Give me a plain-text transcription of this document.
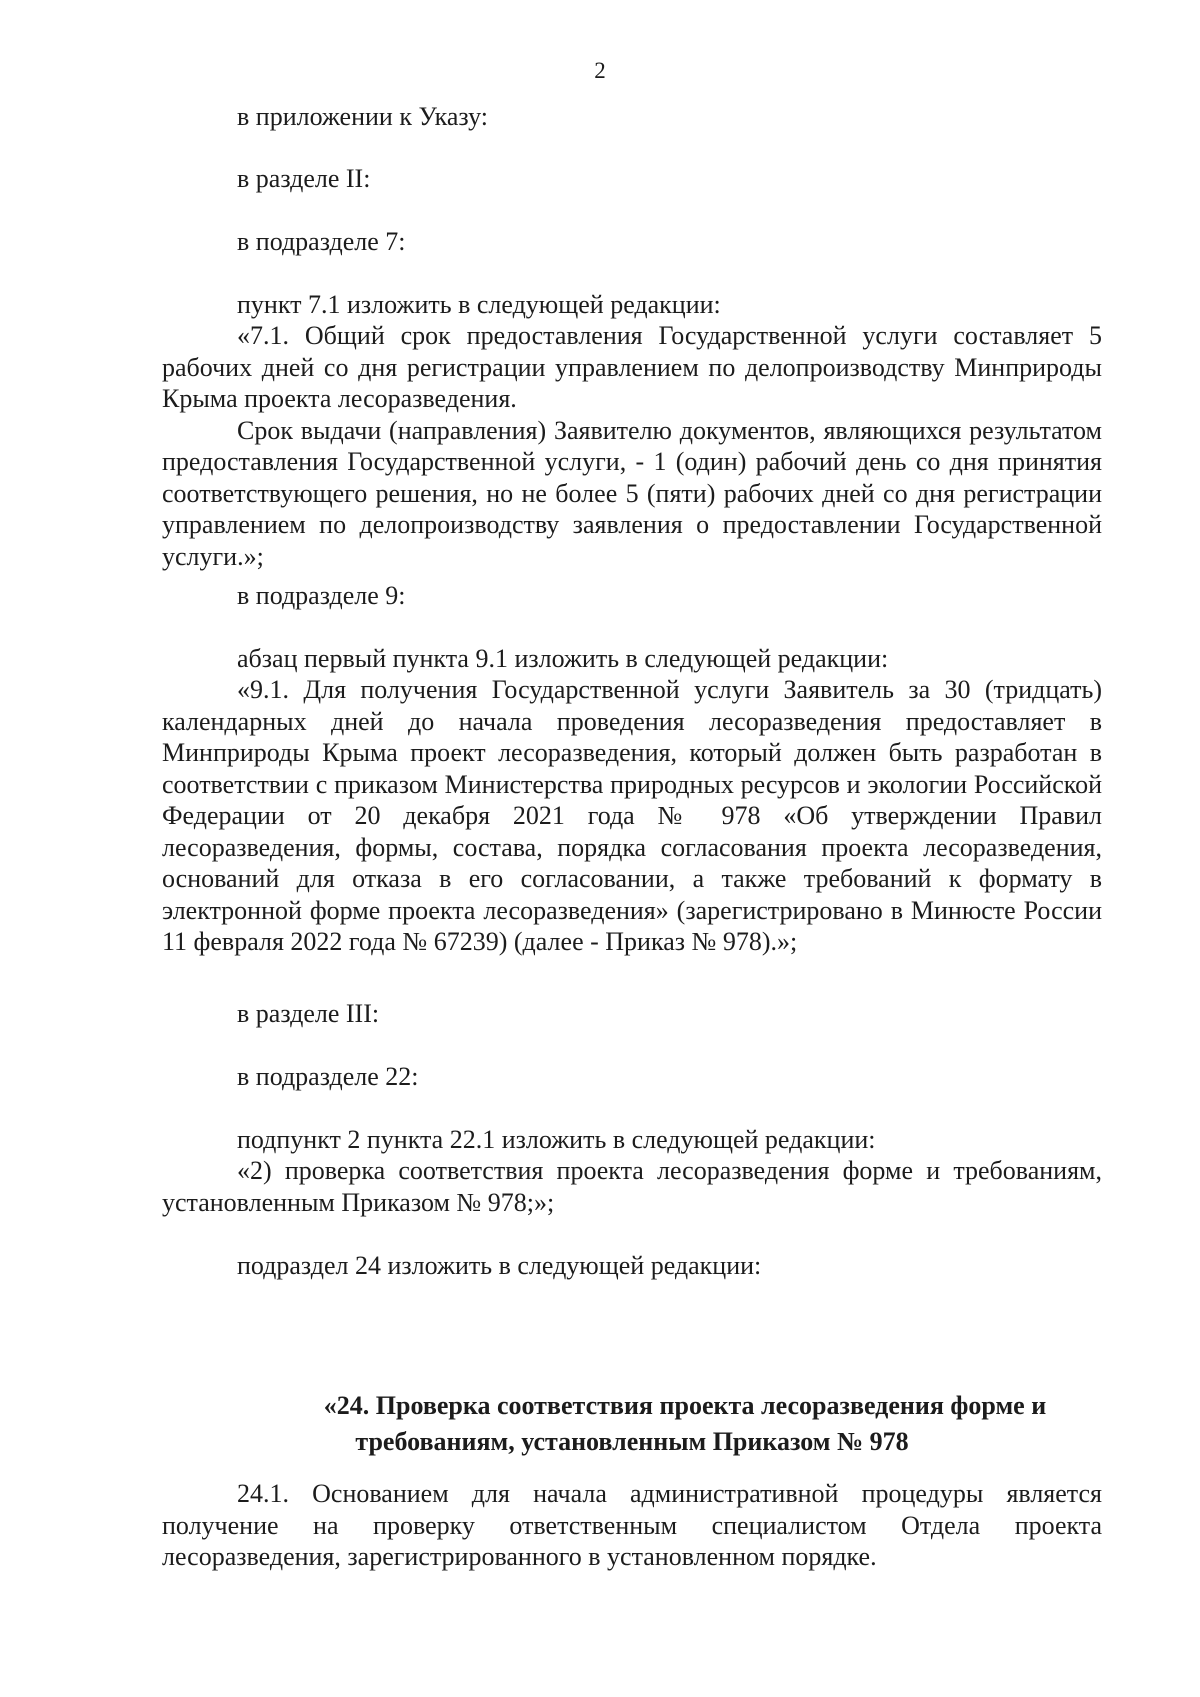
2
в приложении к Указу:
в разделе II:
в подразделе 7:
пункт 7.1 изложить в следующей редакции:

«7.1. Общий срок предоставления Государственной услуги составляет 5 рабочих дней со дня регистрации управлением по делопроизводству Минприроды Крыма проекта лесоразведения.

Срок выдачи (направления) Заявителю документов, являющихся результатом предоставления Государственной услуги, - 1 (один) рабочий день со дня принятия соответствующего решения, но не более 5 (пяти) рабочих дней со дня регистрации управлением по делопроизводству заявления о предоставлении Государственной услуги.»;

в подразделе 9:
абзац первый пункта 9.1 изложить в следующей редакции:

«9.1. Для получения Государственной услуги Заявитель за 30 (тридцать) календарных дней до начала проведения лесоразведения предоставляет в Минприроды Крыма проект лесоразведения, который должен быть разработан в соответствии с приказом Министерства природных ресурсов и экологии Российской Федерации от 20 декабря 2021 года № 978 «Об утверждении Правил лесоразведения, формы, состава, порядка согласования проекта лесоразведения, оснований для отказа в его согласовании, а также требований к формату в электронной форме проекта лесоразведения» (зарегистрировано в Минюсте России 11 февраля 2022 года № 67239) (далее - Приказ № 978).»;

в разделе III:
в подразделе 22:
подпункт 2 пункта 22.1 изложить в следующей редакции:

«2) проверка соответствия проекта лесоразведения форме и требованиям, установленным Приказом № 978;»;

подраздел 24 изложить в следующей редакции:
«24. Проверка соответствия проекта лесоразведения форме и
требованиям, установленным Приказом № 978

24.1. Основанием для начала административной процедуры является получение на проверку ответственным специалистом Отдела проекта лесоразведения, зарегистрированного в установленном порядке.
